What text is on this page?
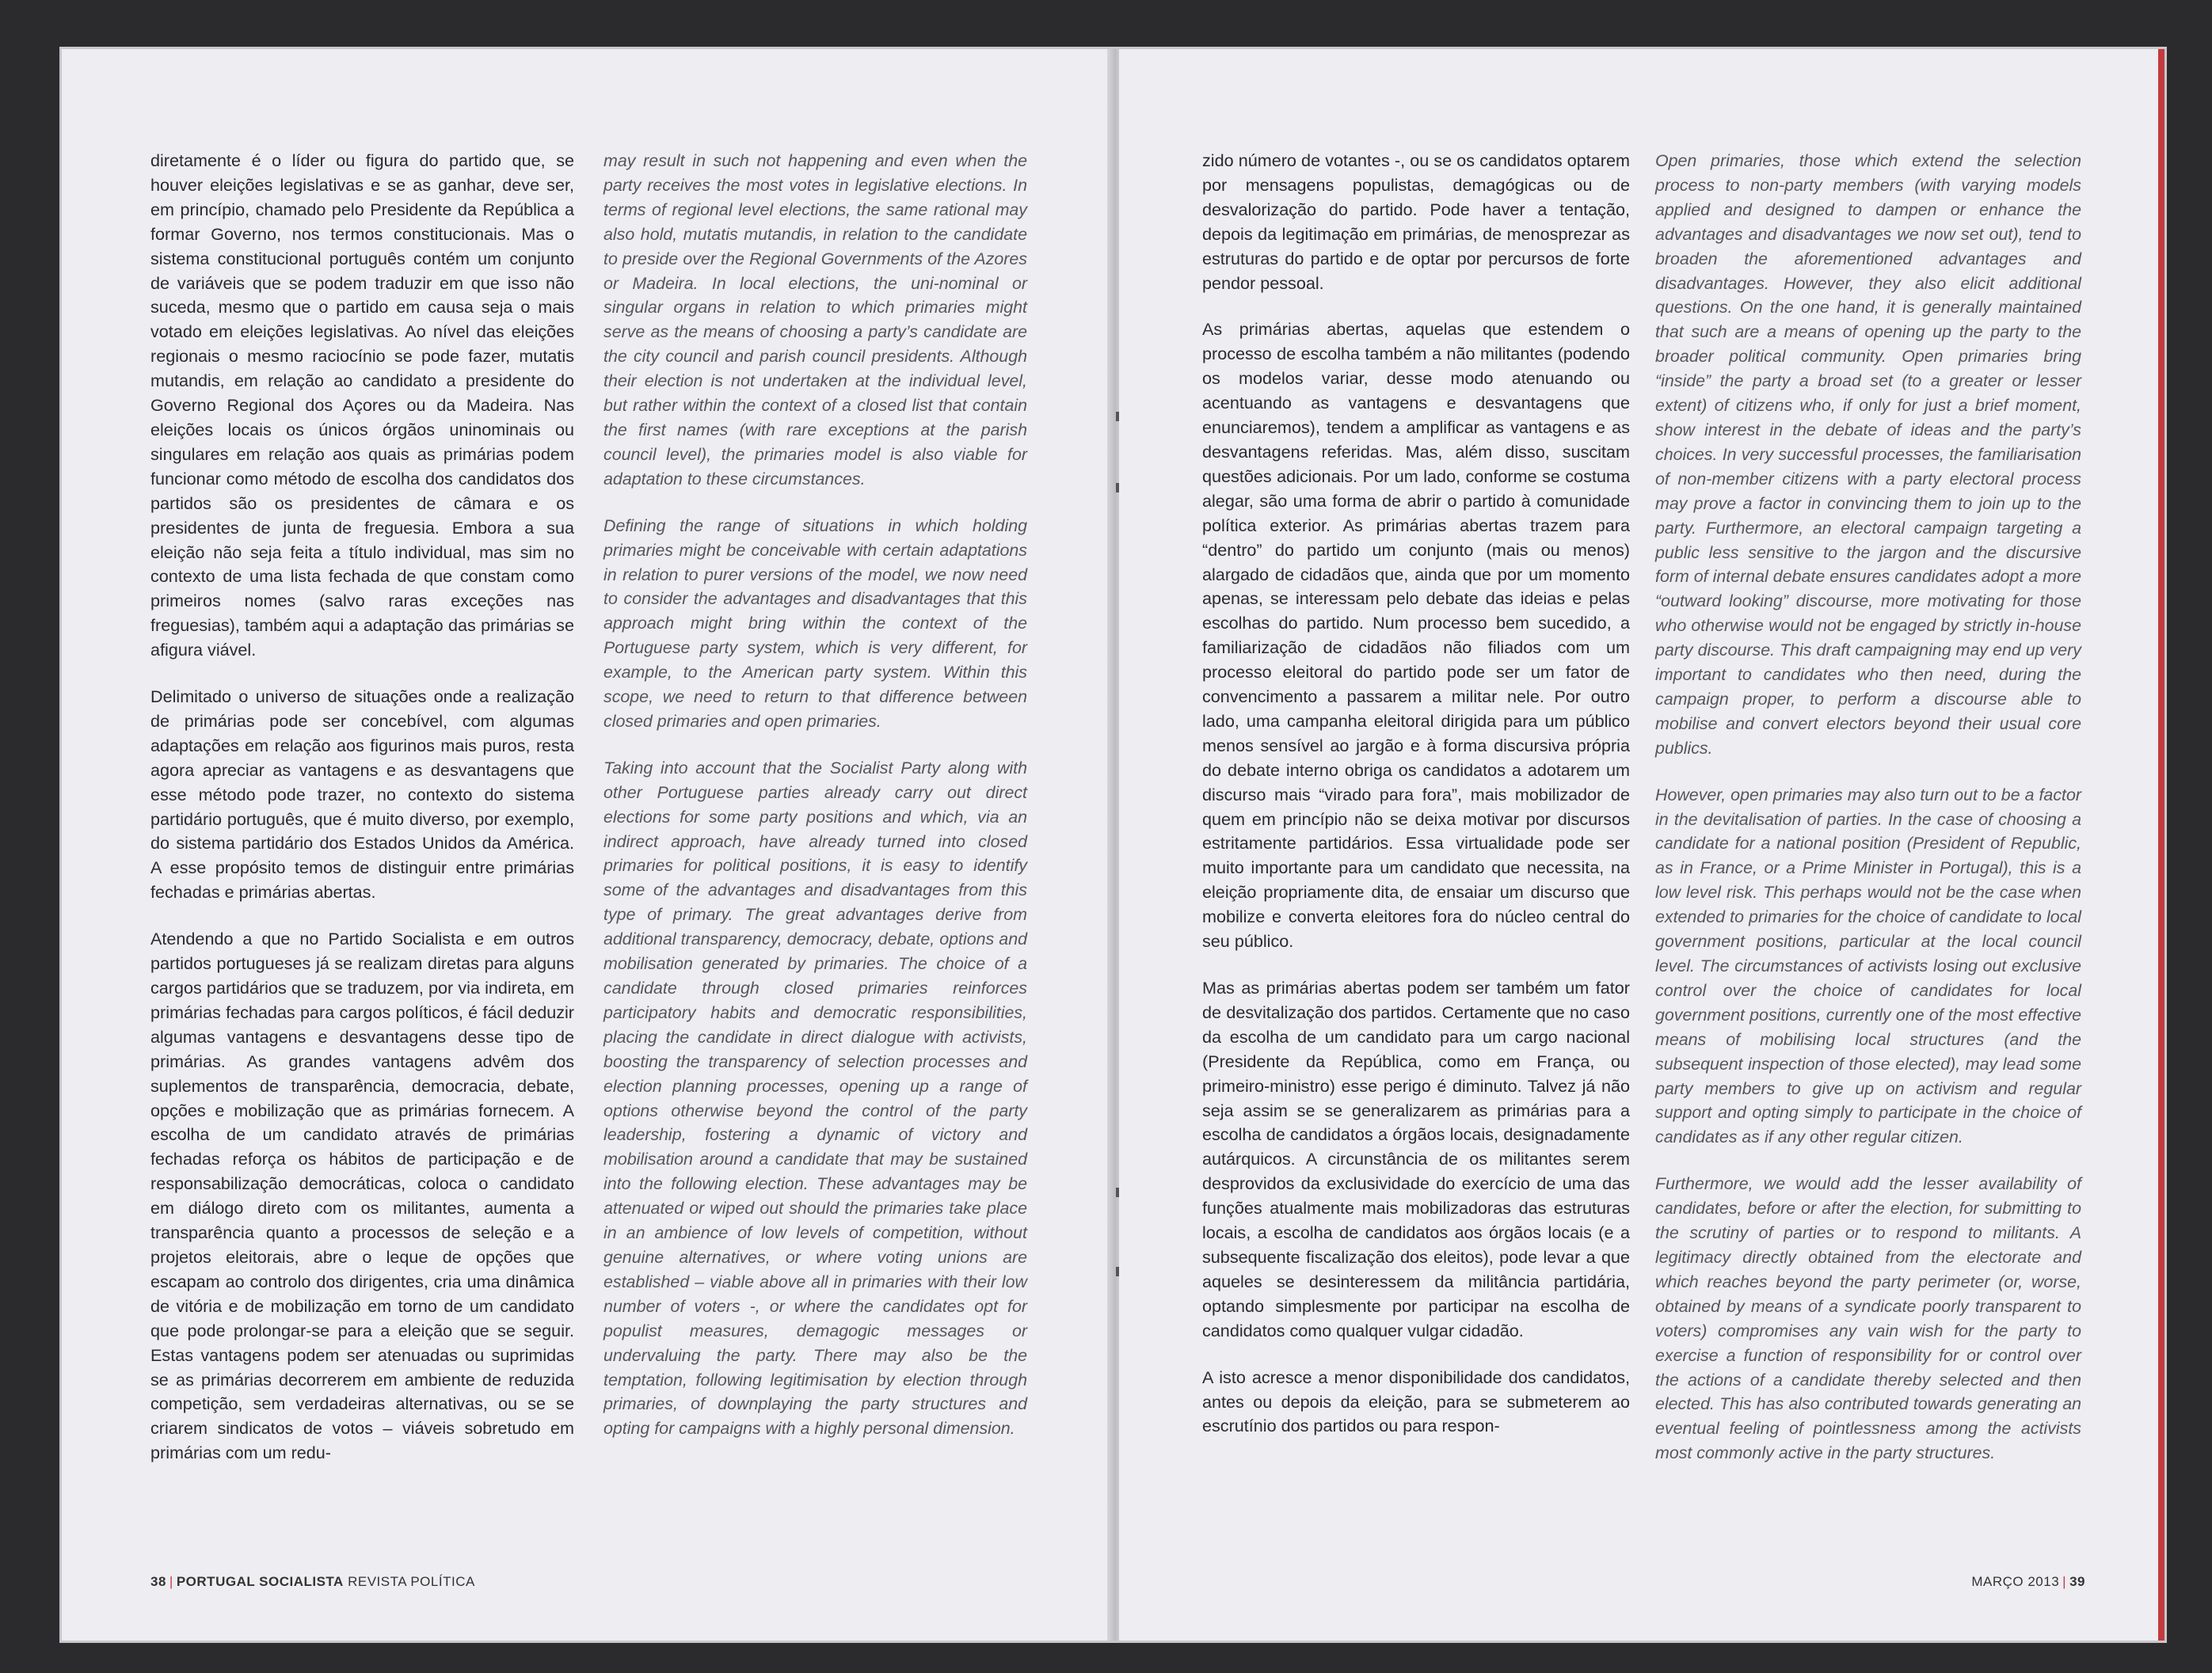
diretamente é o líder ou figura do partido que, se houver eleições legislativas e se as ganhar, deve ser, em princípio, chamado pelo Presidente da República a formar Governo, nos termos constitucionais. Mas o sistema constitucional português contém um conjunto de variáveis que se podem traduzir em que isso não suceda, mesmo que o partido em causa seja o mais votado em eleições legislativas. Ao nível das eleições regionais o mesmo raciocínio se pode fazer, mutatis mutandis, em relação ao candidato a presidente do Governo Regional dos Açores ou da Madeira. Nas eleições locais os únicos órgãos uninominais ou singulares em relação aos quais as primárias podem funcionar como método de escolha dos candidatos dos partidos são os presidentes de câmara e os presidentes de junta de freguesia. Embora a sua eleição não seja feita a título individual, mas sim no contexto de uma lista fechada de que constam como primeiros nomes (salvo raras exceções nas freguesias), também aqui a adaptação das primárias se afigura viável.

Delimitado o universo de situações onde a realização de primárias pode ser concebível, com algumas adaptações em relação aos figurinos mais puros, resta agora apreciar as vantagens e as desvantagens que esse método pode trazer, no contexto do sistema partidário português, que é muito diverso, por exemplo, do sistema partidário dos Estados Unidos da América. A esse propósito temos de distinguir entre primárias fechadas e primárias abertas.

Atendendo a que no Partido Socialista e em outros partidos portugueses já se realizam diretas para alguns cargos partidários que se traduzem, por via indireta, em primárias fechadas para cargos políticos, é fácil deduzir algumas vantagens e desvantagens desse tipo de primárias. As grandes vantagens advêm dos suplementos de transparência, democracia, debate, opções e mobilização que as primárias fornecem. A escolha de um candidato através de primárias fechadas reforça os hábitos de participação e de responsabilização democráticas, coloca o candidato em diálogo direto com os militantes, aumenta a transparência quanto a processos de seleção e a projetos eleitorais, abre o leque de opções que escapam ao controlo dos dirigentes, cria uma dinâmica de vitória e de mobilização em torno de um candidato que pode prolongar-se para a eleição que se seguir. Estas vantagens podem ser atenuadas ou suprimidas se as primárias decorrerem em ambiente de reduzida competição, sem verdadeiras alternativas, ou se se criarem sindicatos de votos – viáveis sobretudo em primárias com um redu-

may result in such not happening and even when the party receives the most votes in legislative elections. In terms of regional level elections, the same rational may also hold, mutatis mutandis, in relation to the candidate to preside over the Regional Governments of the Azores or Madeira. In local elections, the uni-nominal or singular organs in relation to which primaries might serve as the means of choosing a party’s candidate are the city council and parish council presidents. Although their election is not undertaken at the individual level, but rather within the context of a closed list that contain the first names (with rare exceptions at the parish council level), the primaries model is also viable for adaptation to these circumstances.

Defining the range of situations in which holding primaries might be conceivable with certain adaptations in relation to purer versions of the model, we now need to consider the advantages and disadvantages that this approach might bring within the context of the Portuguese party system, which is very different, for example, to the American party system. Within this scope, we need to return to that difference between closed primaries and open primaries.

Taking into account that the Socialist Party along with other Portuguese parties already carry out direct elections for some party positions and which, via an indirect approach, have already turned into closed primaries for political positions, it is easy to identify some of the advantages and disadvantages from this type of primary. The great advantages derive from additional transparency, democracy, debate, options and mobilisation generated by primaries. The choice of a candidate through closed primaries reinforces participatory habits and democratic responsibilities, placing the candidate in direct dialogue with activists, boosting the transparency of selection processes and election planning processes, opening up a range of options otherwise beyond the control of the party leadership, fostering a dynamic of victory and mobilisation around a candidate that may be sustained into the following election. These advantages may be attenuated or wiped out should the primaries take place in an ambience of low levels of competition, without genuine alternatives, or where voting unions are established – viable above all in primaries with their low number of voters -, or where the candidates opt for populist measures, demagogic messages or undervaluing the party. There may also be the temptation, following legitimisation by election through primaries, of downplaying the party structures and opting for campaigns with a highly personal dimension.

zido número de votantes -, ou se os candidatos optarem por mensagens populistas, demagógicas ou de desvalorização do partido. Pode haver a tentação, depois da legitimação em primárias, de menosprezar as estruturas do partido e de optar por percursos de forte pendor pessoal.

As primárias abertas, aquelas que estendem o processo de escolha também a não militantes (podendo os modelos variar, desse modo atenuando ou acentuando as vantagens e desvantagens que enunciaremos), tendem a amplificar as vantagens e as desvantagens referidas. Mas, além disso, suscitam questões adicionais. Por um lado, conforme se costuma alegar, são uma forma de abrir o partido à comunidade política exterior. As primárias abertas trazem para “dentro” do partido um conjunto (mais ou menos) alargado de cidadãos que, ainda que por um momento apenas, se interessam pelo debate das ideias e pelas escolhas do partido. Num processo bem sucedido, a familiarização de cidadãos não filiados com um processo eleitoral do partido pode ser um fator de convencimento a passarem a militar nele. Por outro lado, uma campanha eleitoral dirigida para um público menos sensível ao jargão e à forma discursiva própria do debate interno obriga os candidatos a adotarem um discurso mais “virado para fora”, mais mobilizador de quem em princípio não se deixa motivar por discursos estritamente partidários. Essa virtualidade pode ser muito importante para um candidato que necessita, na eleição propriamente dita, de ensaiar um discurso que mobilize e converta eleitores fora do núcleo central do seu público.

Mas as primárias abertas podem ser também um fator de desvitalização dos partidos. Certamente que no caso da escolha de um candidato para um cargo nacional (Presidente da República, como em França, ou primeiro-ministro) esse perigo é diminuto. Talvez já não seja assim se se generalizarem as primárias para a escolha de candidatos a órgãos locais, designadamente autárquicos. A circunstância de os militantes serem desprovidos da exclusividade do exercício de uma das funções atualmente mais mobilizadoras das estruturas locais, a escolha de candidatos aos órgãos locais (e a subsequente fiscalização dos eleitos), pode levar a que aqueles se desinteressem da militância partidária, optando simplesmente por participar na escolha de candidatos como qualquer vulgar cidadão.

A isto acresce a menor disponibilidade dos candidatos, antes ou depois da eleição, para se submeterem ao escrutínio dos partidos ou para respon-

Open primaries, those which extend the selection process to non-party members (with varying models applied and designed to dampen or enhance the advantages and disadvantages we now set out), tend to broaden the aforementioned advantages and disadvantages. However, they also elicit additional questions. On the one hand, it is generally maintained that such are a means of opening up the party to the broader political community. Open primaries bring “inside” the party a broad set (to a greater or lesser extent) of citizens who, if only for just a brief moment, show interest in the debate of ideas and the party’s choices. In very successful processes, the familiarisation of non-member citizens with a party electoral process may prove a factor in convincing them to join up to the party. Furthermore, an electoral campaign targeting a public less sensitive to the jargon and the discursive form of internal debate ensures candidates adopt a more “outward looking” discourse, more motivating for those who otherwise would not be engaged by strictly in-house party discourse. This draft campaigning may end up very important to candidates who then need, during the campaign proper, to perform a discourse able to mobilise and convert electors beyond their usual core publics.

However, open primaries may also turn out to be a factor in the devitalisation of parties. In the case of choosing a candidate for a national position (President of Republic, as in France, or a Prime Minister in Portugal), this is a low level risk. This perhaps would not be the case when extended to primaries for the choice of candidate to local government positions, particular at the local council level. The circumstances of activists losing out exclusive control over the choice of candidates for local government positions, currently one of the most effective means of mobilising local structures (and the subsequent inspection of those elected), may lead some party members to give up on activism and regular support and opting simply to participate in the choice of candidates as if any other regular citizen.

Furthermore, we would add the lesser availability of candidates, before or after the election, for submitting to the scrutiny of parties or to respond to militants. A legitimacy directly obtained from the electorate and which reaches beyond the party perimeter (or, worse, obtained by means of a syndicate poorly transparent to voters) compromises any vain wish for the party to exercise a function of responsibility for or control over the actions of a candidate thereby selected and then elected. This has also contributed towards generating an eventual feeling of pointlessness among the activists most commonly active in the party structures.

38 | PORTUGAL SOCIALISTA REVISTA POLÍTICA	MARÇO 2013 | 39
